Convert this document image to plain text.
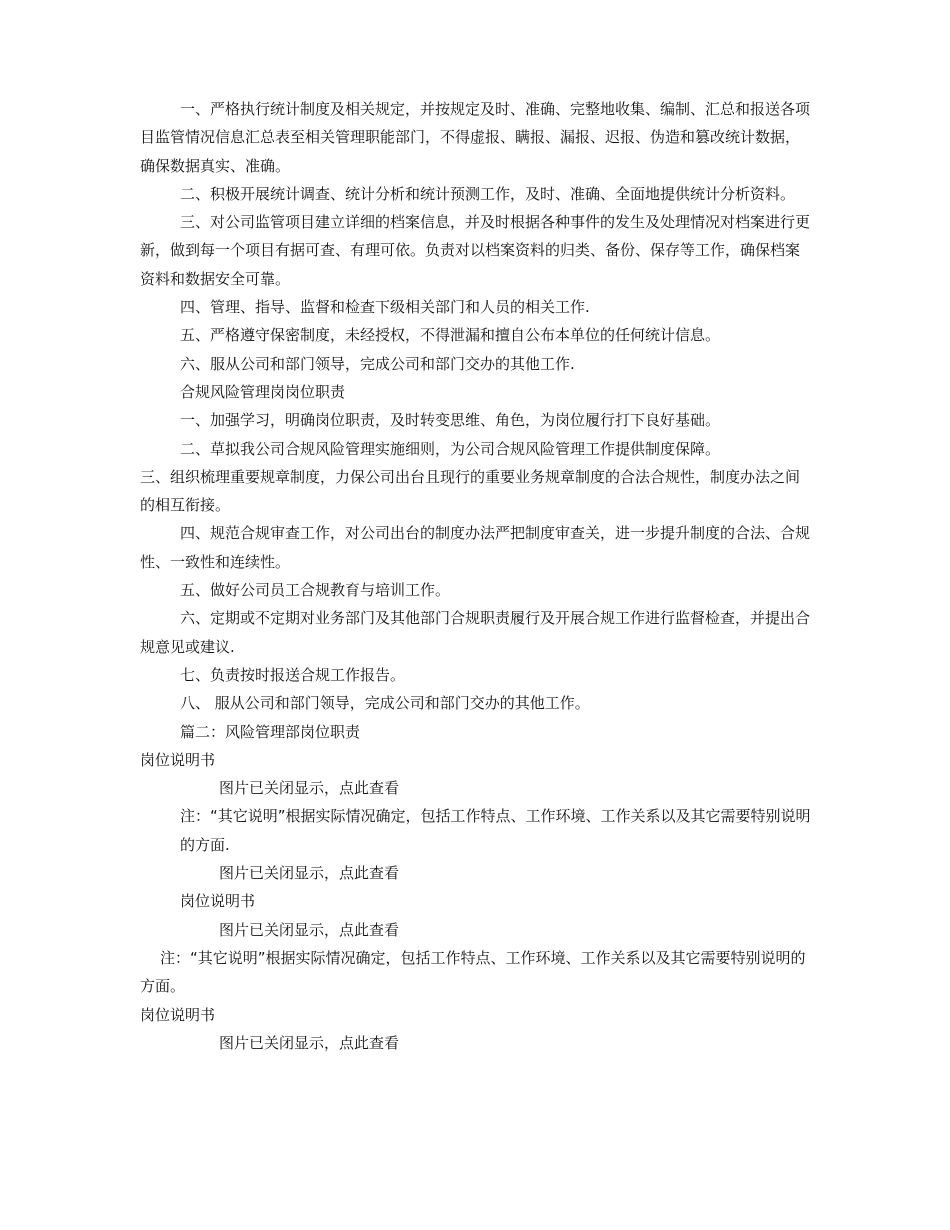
一、严格执行统计制度及相关规定，并按规定及时、准确、完整地收集、编制、汇总和报送各项目监管情况信息汇总表至相关管理职能部门，不得虚报、瞒报、漏报、迟报、伪造和篡改统计数据，确保数据真实、准确。

二、积极开展统计调查、统计分析和统计预测工作，及时、准确、全面地提供统计分析资料。

三、对公司监管项目建立详细的档案信息，并及时根据各种事件的发生及处理情况对档案进行更新，做到每一个项目有据可查、有理可依。负责对以档案资料的归类、备份、保存等工作，确保档案资料和数据安全可靠。

四、管理、指导、监督和检查下级相关部门和人员的相关工作.

五、严格遵守保密制度，未经授权，不得泄漏和擅自公布本单位的任何统计信息。

六、服从公司和部门领导，完成公司和部门交办的其他工作.

合规风险管理岗岗位职责

一、加强学习，明确岗位职责，及时转变思维、角色，为岗位履行打下良好基础。

二、草拟我公司合规风险管理实施细则，为公司合规风险管理工作提供制度保障。

三、组织梳理重要规章制度，力保公司出台且现行的重要业务规章制度的合法合规性，制度办法之间的相互衔接。

四、规范合规审查工作，对公司出台的制度办法严把制度审查关，进一步提升制度的合法、合规性、一致性和连续性。

五、做好公司员工合规教育与培训工作。

六、定期或不定期对业务部门及其他部门合规职责履行及开展合规工作进行监督检查，并提出合规意见或建议.

七、负责按时报送合规工作报告。

八、 服从公司和部门领导，完成公司和部门交办的其他工作。

篇二：风险管理部岗位职责

岗位说明书

图片已关闭显示，点此查看

注：“其它说明”根据实际情况确定，包括工作特点、工作环境、工作关系以及其它需要特别说明的方面.

图片已关闭显示，点此查看

岗位说明书

图片已关闭显示，点此查看

注：“其它说明”根据实际情况确定，包括工作特点、工作环境、工作关系以及其它需要特别说明的方面。

岗位说明书

图片已关闭显示，点此查看
